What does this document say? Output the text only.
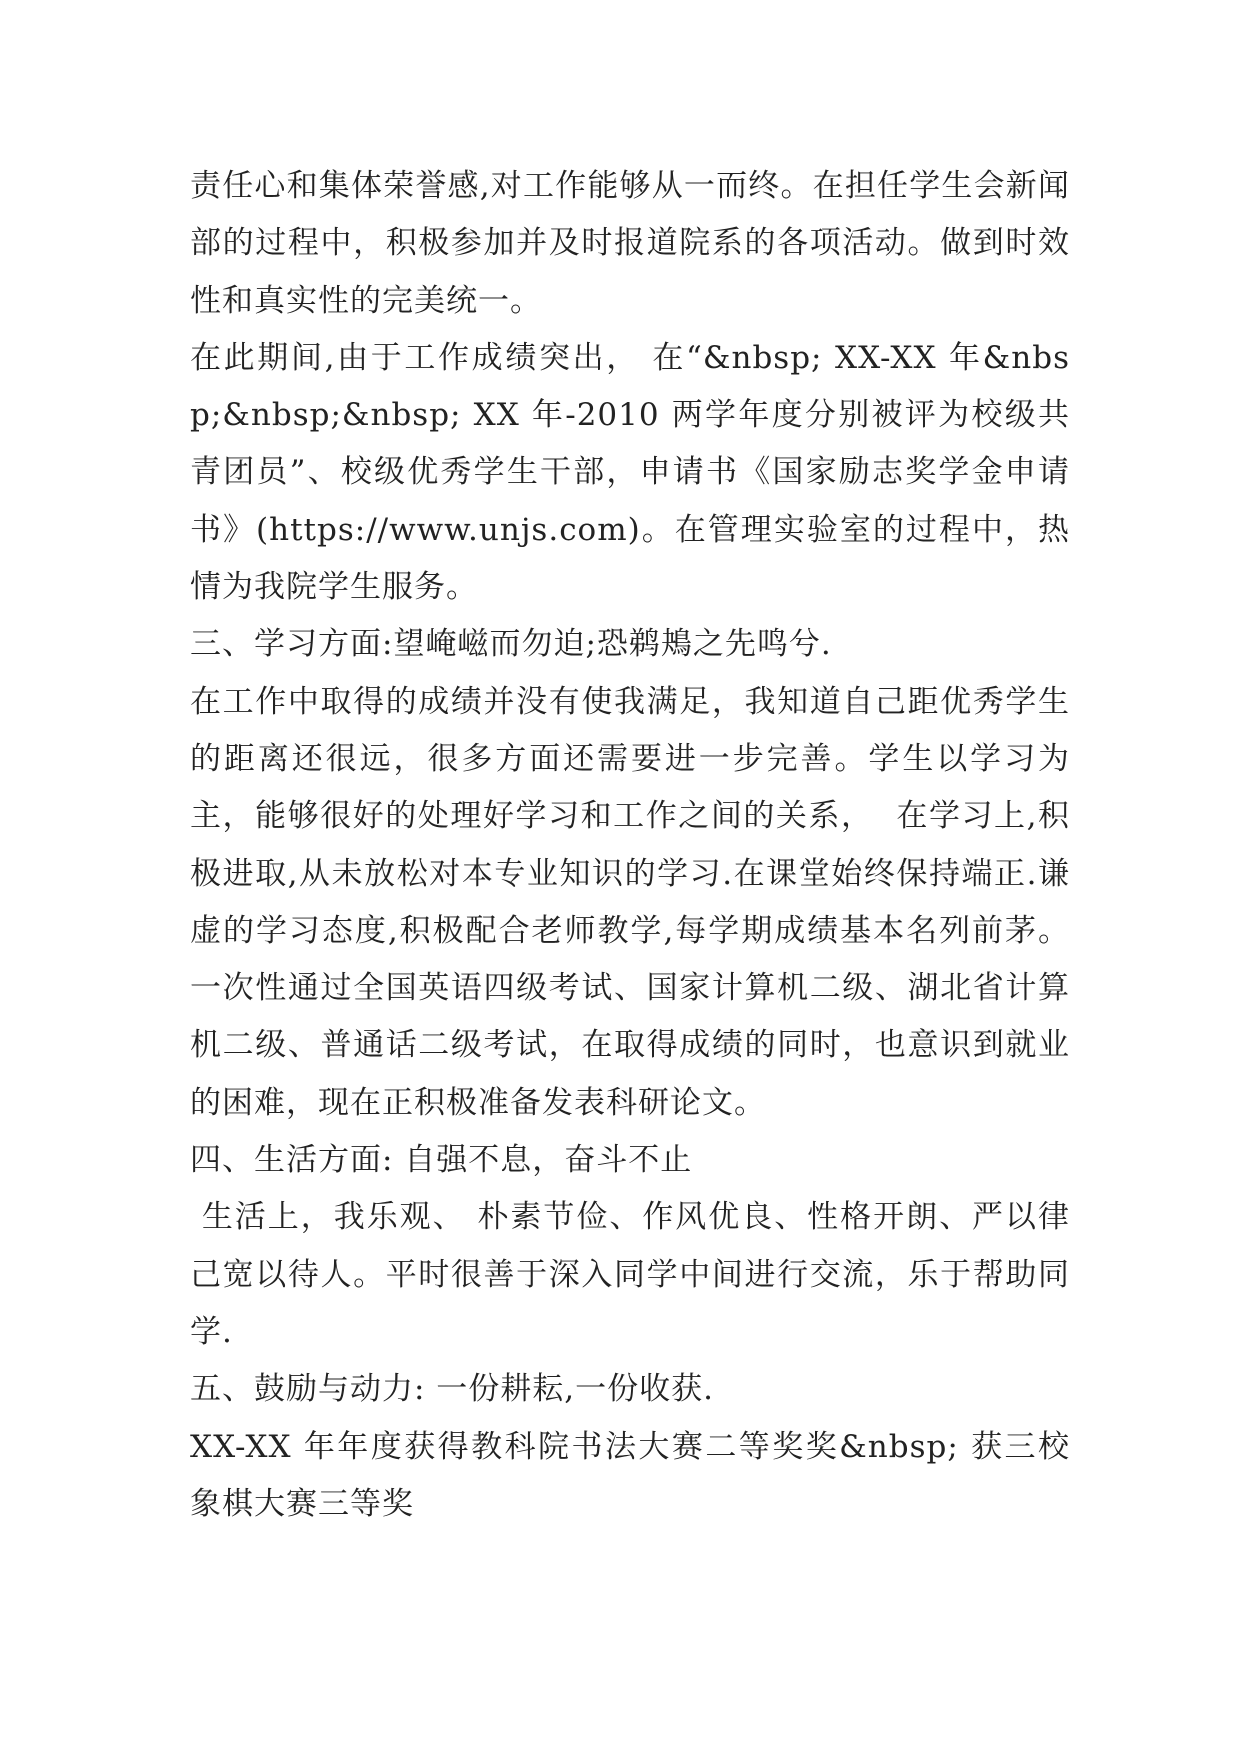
责任心和集体荣誉感,对工作能够从一而终。在担任学生会新闻部的过程中，积极参加并及时报道院系的各项活动。做到时效性和真实性的完美统一。

在此期间,由于工作成绩突出， 在“&nbsp; XX-XX 年&nbsp;&nbsp;&nbsp; XX 年-2010 两学年度分别被评为校级共青团员”、校级优秀学生干部，申请书《国家励志奖学金申请书》(https://www.unjs.com)。在管理实验室的过程中，热情为我院学生服务。

三、学习方面:望崦嵫而勿迫;恐鹈鴂之先鸣兮.

在工作中取得的成绩并没有使我满足，我知道自己距优秀学生的距离还很远，很多方面还需要进一步完善。学生以学习为主，能够很好的处理好学习和工作之间的关系，  在学习上,积极进取,从未放松对本专业知识的学习.在课堂始终保持端正.谦虚的学习态度,积极配合老师教学,每学期成绩基本名列前茅。一次性通过全国英语四级考试、国家计算机二级、湖北省计算机二级、普通话二级考试，在取得成绩的同时，也意识到就业的困难，现在正积极准备发表科研论文。

四、生活方面: 自强不息，奋斗不止

生活上，我乐观、 朴素节俭、作风优良、性格开朗、严以律己宽以待人。平时很善于深入同学中间进行交流，乐于帮助同学.

五、鼓励与动力: 一份耕耘,一份收获.

XX-XX 年年度获得教科院书法大赛二等奖奖&nbsp; 获三校象棋大赛三等奖
